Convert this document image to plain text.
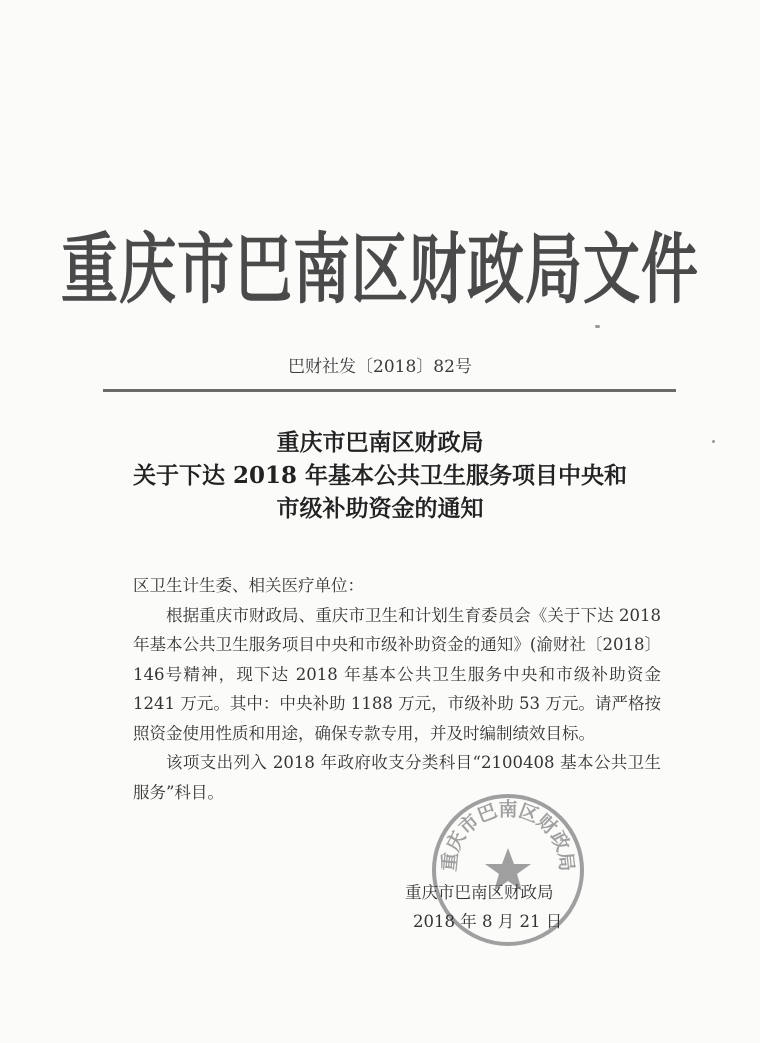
重庆市巴南区财政局文件
巴财社发〔2018〕82号
重庆市巴南区财政局
关于下达 2018 年基本公共卫生服务项目中央和
市级补助资金的通知

区卫生计生委、相关医疗单位：

根据重庆市财政局、重庆市卫生和计划生育委员会《关于下达 2018 年基本公共卫生服务项目中央和市级补助资金的通知》(渝财社〔2018〕146号精神，现下达 2018 年基本公共卫生服务中央和市级补助资金 1241 万元。其中：中央补助 1188 万元，市级补助 53 万元。请严格按照资金使用性质和用途，确保专款专用，并及时编制绩效目标。

该项支出列入 2018 年政府收支分类科目“2100408 基本公共卫生服务”科目。

重庆市巴南区财政局
重庆市巴南区财政局
2018 年 8 月 21 日
